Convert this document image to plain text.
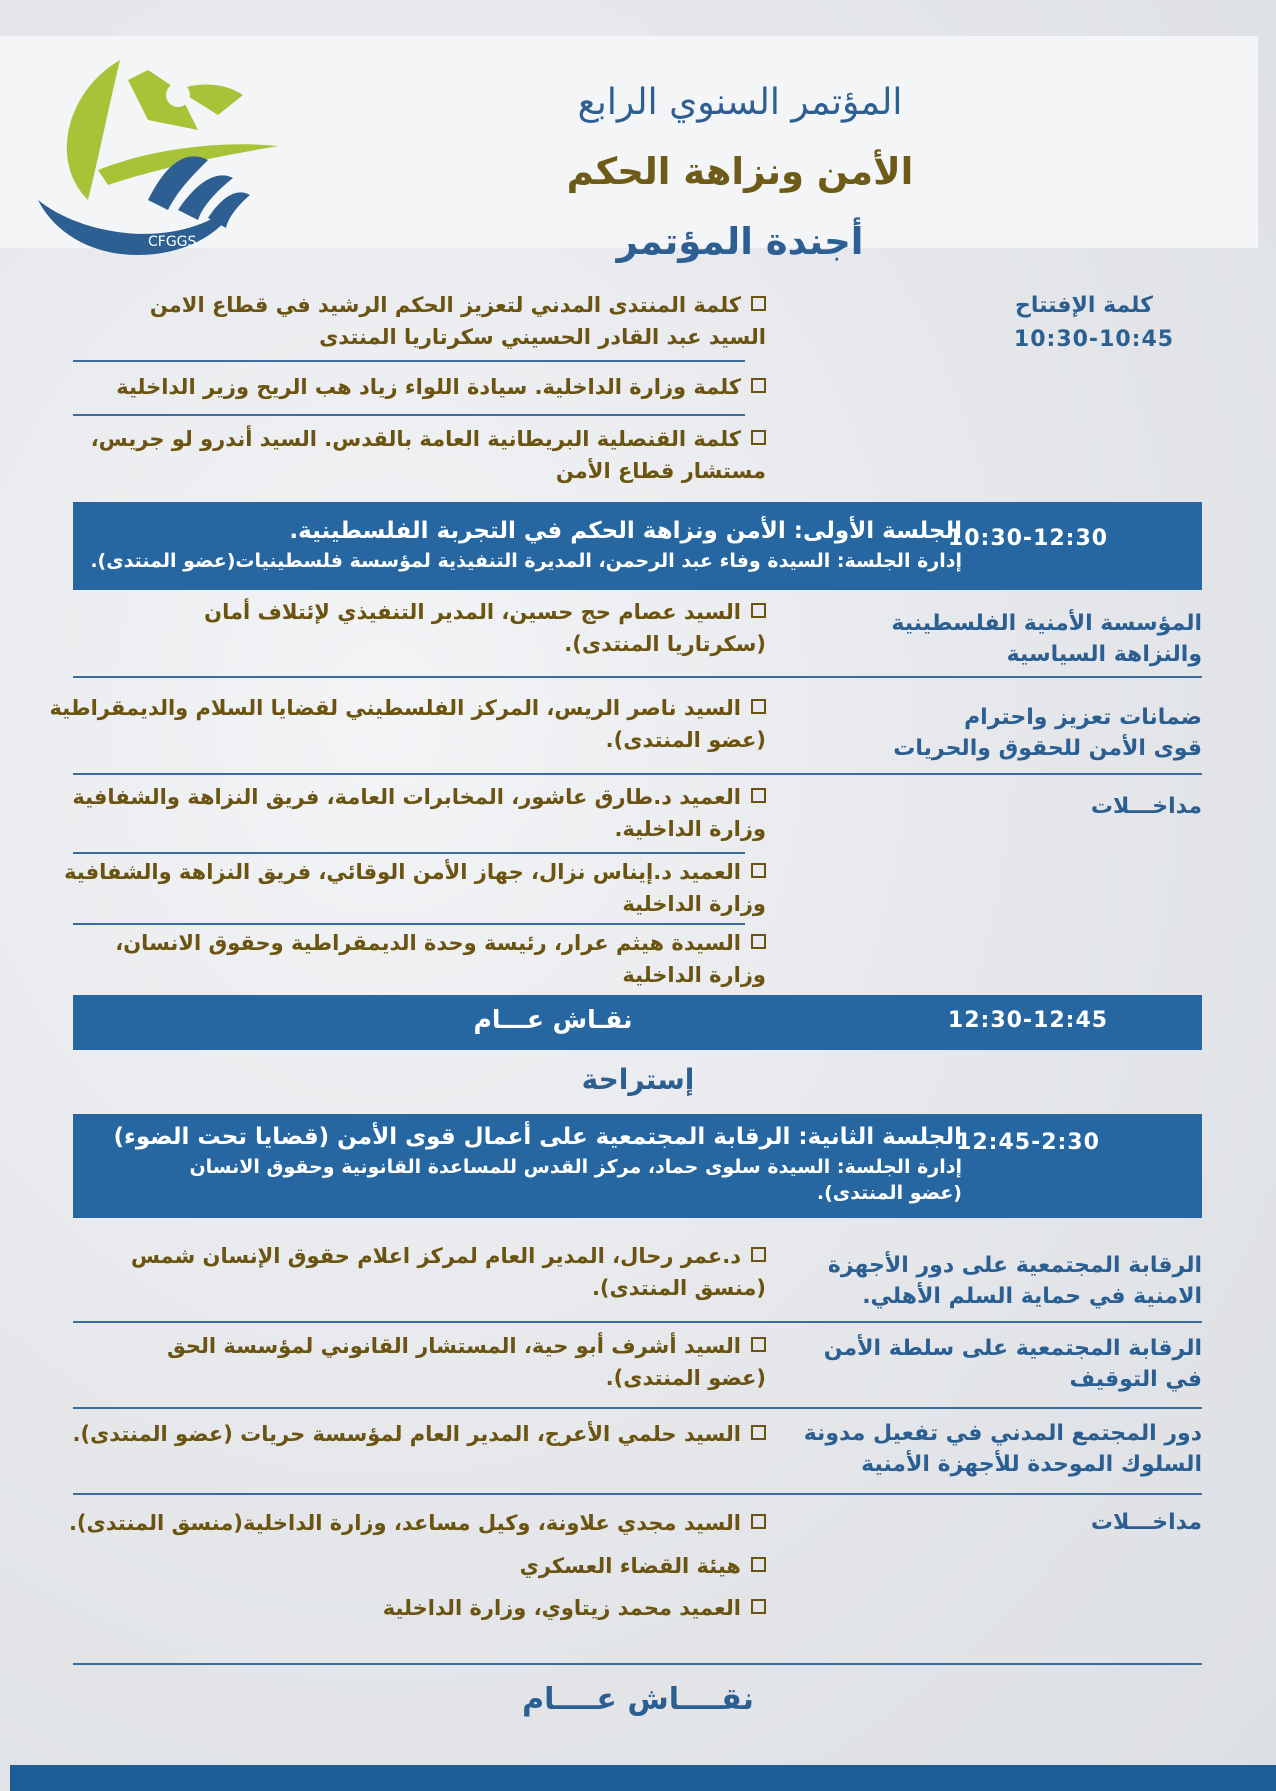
CFGGS
المؤتمر السنوي الرابع
الأمن ونزاهة الحكم
أجندة المؤتمر
كلمة الإفتتاح
10:30-10:45
كلمة المنتدى المدني لتعزيز الحكم الرشيد في قطاع الامن
السيد عبد القادر الحسيني سكرتاريا المنتدى
كلمة وزارة الداخلية. سيادة اللواء زياد هب الريح وزير الداخلية
كلمة القنصلية البريطانية العامة بالقدس. السيد أندرو لو جريس،
مستشار قطاع الأمن
10:30-12:30
الجلسة الأولى: الأمن ونزاهة الحكم في التجربة الفلسطينية.
إدارة الجلسة: السيدة وفاء عبد الرحمن، المديرة التنفيذية لمؤسسة فلسطينيات(عضو المنتدى).
المؤسسة الأمنية الفلسطينية
والنزاهة السياسية
السيد عصام حج حسين، المدير التنفيذي لإئتلاف أمان
(سكرتاريا المنتدى).
ضمانات تعزيز واحترام
قوى الأمن للحقوق والحريات
السيد ناصر الريس، المركز الفلسطيني لقضايا السلام والديمقراطية
(عضو المنتدى).
مداخـــلات
العميد د.طارق عاشور، المخابرات العامة، فريق النزاهة والشفافية
وزارة الداخلية.
العميد د.إيناس نزال، جهاز الأمن الوقائي، فريق النزاهة والشفافية
وزارة الداخلية
السيدة هيثم عرار، رئيسة وحدة الديمقراطية وحقوق الانسان،
وزارة الداخلية
12:30-12:45
نقـاش عـــام
إستراحة
12:45-2:30
الجلسة الثانية: الرقابة المجتمعية على أعمال قوى الأمن (قضايا تحت الضوء)
إدارة الجلسة: السيدة سلوى حماد، مركز القدس للمساعدة القانونية وحقوق الانسان
(عضو المنتدى).
الرقابة المجتمعية على دور الأجهزة
الامنية في حماية السلم الأهلي.
د.عمر رحال، المدير العام لمركز اعلام حقوق الإنسان شمس
(منسق المنتدى).
الرقابة المجتمعية على سلطة الأمن
في التوقيف
السيد أشرف أبو حية، المستشار القانوني لمؤسسة الحق
(عضو المنتدى).
دور المجتمع المدني في تفعيل مدونة
السلوك الموحدة للأجهزة الأمنية
السيد حلمي الأعرج، المدير العام لمؤسسة حريات (عضو المنتدى).
مداخـــلات
السيد مجدي علاونة، وكيل مساعد، وزارة الداخلية(منسق المنتدى).
هيئة القضاء العسكري
العميد محمد زيتاوي، وزارة الداخلية
نقــــاش عــــام
